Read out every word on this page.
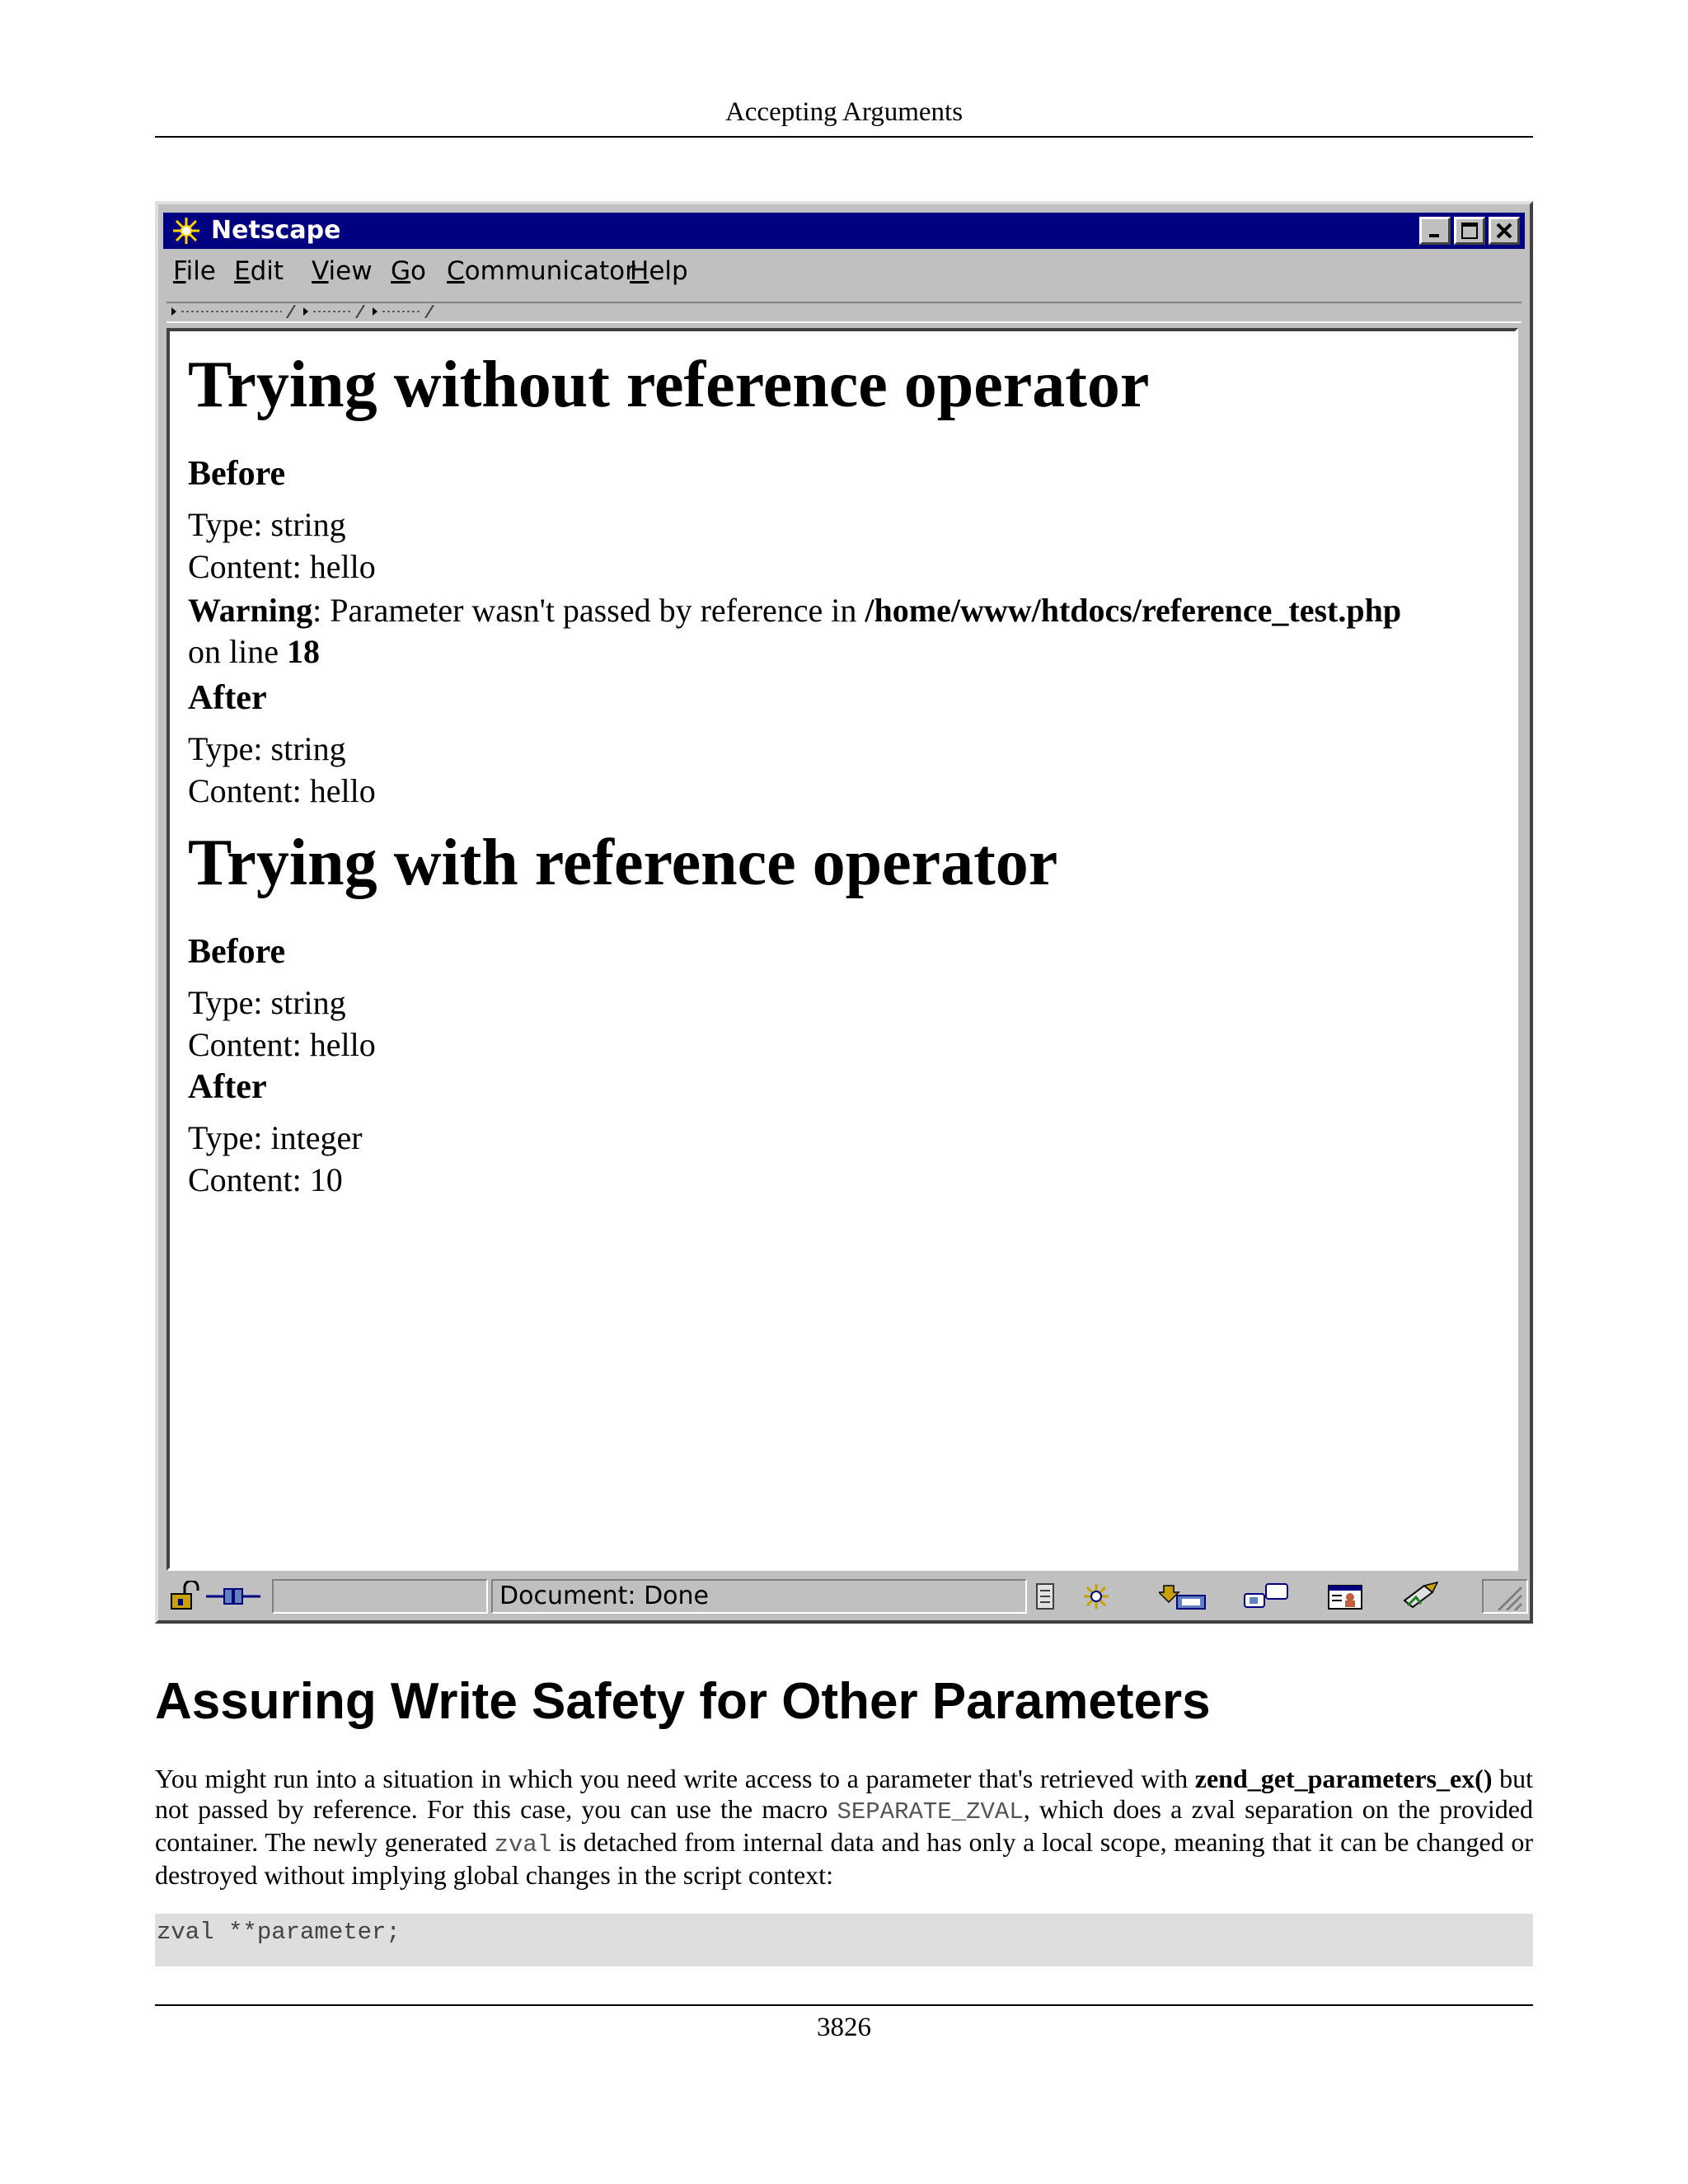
Accepting Arguments
Netscape
File Edit View Go Communicator
Help
Trying without reference operator
Before
Type: string
Content: hello
Warning: Parameter wasn't passed by reference in /home/www/htdocs/reference_test.php
on line 18
After
Type: string
Content: hello
Trying with reference operator
Before
Type: string
Content: hello
After
Type: integer
Content: 10
Document: Done
Assuring Write Safety for Other Parameters
You might run into a situation in which you need write access to a parameter that's retrieved with zend_get_parameters_ex() but not passed by reference. For this case, you can use the macro SEPARATE_ZVAL, which does a zval separation on the provided container. The newly generated zval is detached from internal data and has only a local scope, meaning that it can be changed or destroyed without implying global changes in the script context:
zval **parameter;
3826
